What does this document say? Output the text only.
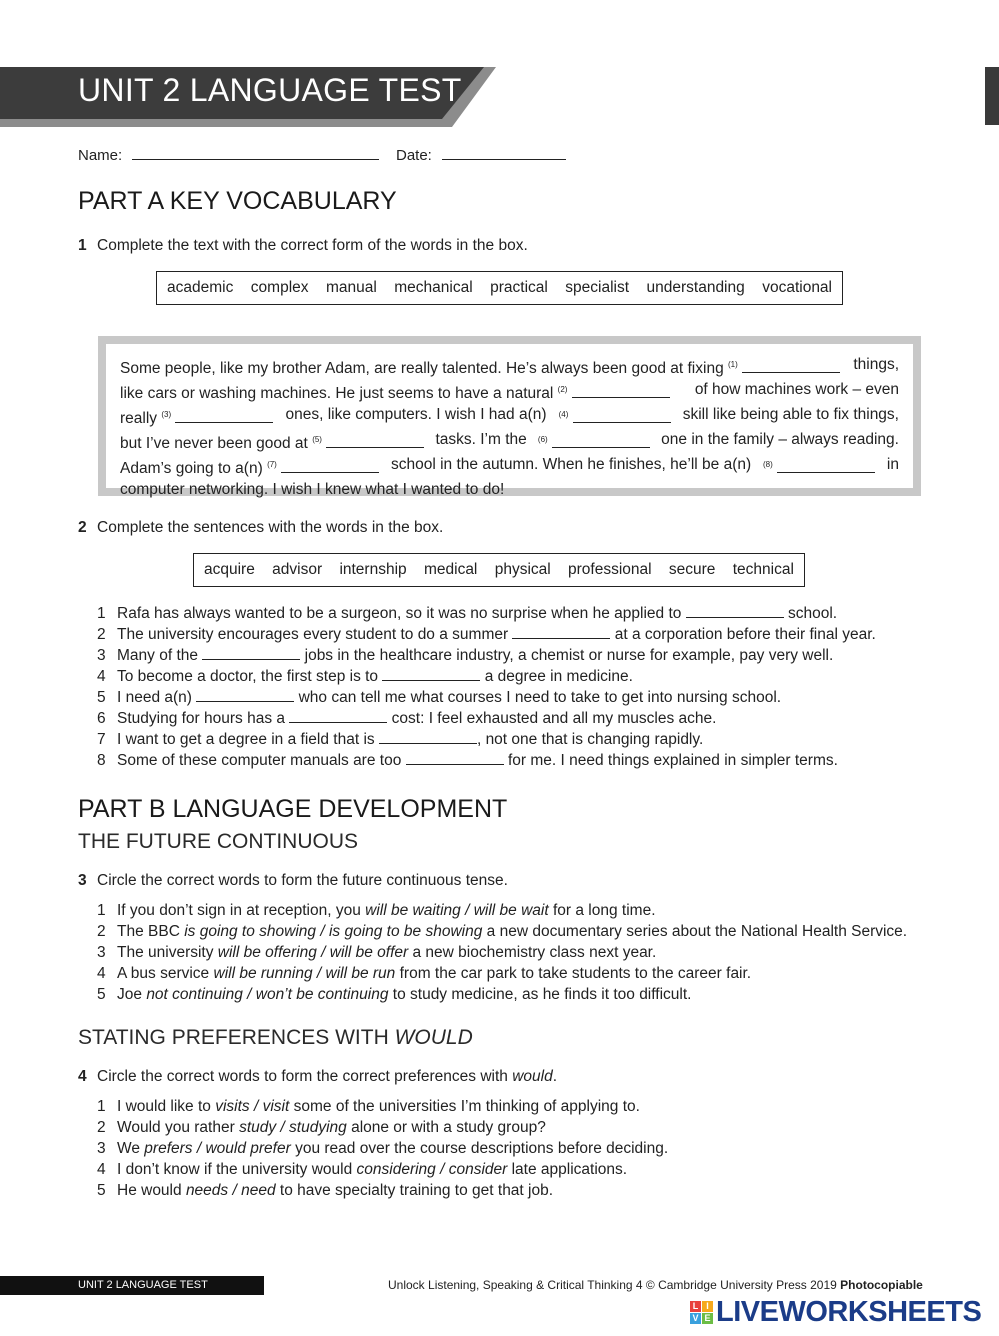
UNIT 2 LANGUAGE TEST
Name:	Date:
PART A KEY VOCABULARY
1 Complete the text with the correct form of the words in the box.
academic complex manual mechanical practical specialist understanding vocational
Some people, like my brother Adam, are really talented. He’s always been good at fixing $^{(1)}$	things,
like cars or washing machines. He just seems to have a natural $^{(2)}$	of how machines work – even
really $^{(3)}$	ones, like computers. I wish I had a(n) $^{(4)}$	skill like being able to fix things,
but I’ve never been good at $^{(5)}$	tasks. I’m the $^{(6)}$	one in the family – always reading.
Adam’s going to a(n) $^{(7)}$	school in the autumn. When he finishes, he’ll be a(n) $^{(8)}$	in
computer networking. I wish I knew what I wanted to do!
2 Complete the sentences with the words in the box.
acquire advisor internship medical physical professional secure technical
1 Rafa has always wanted to be a surgeon, so it was no surprise when he applied to	school.
2 The university encourages every student to do a summer	at a corporation before their final year.
3 Many of the	jobs in the healthcare industry, a chemist or nurse for example, pay very well.
4 To become a doctor, the first step is to	a degree in medicine.
5 I need a(n)	who can tell me what courses I need to take to get into nursing school.
6 Studying for hours has a	cost: I feel exhausted and all my muscles ache.
7 I want to get a degree in a field that is	, not one that is changing rapidly.
8 Some of these computer manuals are too	for me. I need things explained in simpler terms.
PART B LANGUAGE DEVELOPMENT
THE FUTURE CONTINUOUS
3 Circle the correct words to form the future continuous tense.
1 If you don’t sign in at reception, you will be waiting / will be wait for a long time.
2 The BBC is going to showing / is going to be showing a new documentary series about the National Health Service.
3 The university will be offering / will be offer a new biochemistry class next year.
4 A bus service will be running / will be run from the car park to take students to the career fair.
5 Joe not continuing / won’t be continuing to study medicine, as he finds it too difficult.
STATING PREFERENCES WITH WOULD
4 Circle the correct words to form the correct preferences with would.
1 I would like to visits / visit some of the universities I’m thinking of applying to.
2 Would you rather study / studying alone or with a study group?
3 We prefers / would prefer you read over the course descriptions before deciding.
4 I don’t know if the university would considering / consider late applications.
5 He would needs / need to have specialty training to get that job.
UNIT 2 LANGUAGE TEST	Unlock Listening, Speaking & Critical Thinking 4 © Cambridge University Press 2019 Photocopiable
L I
V E LIVEWORKSHEETS
